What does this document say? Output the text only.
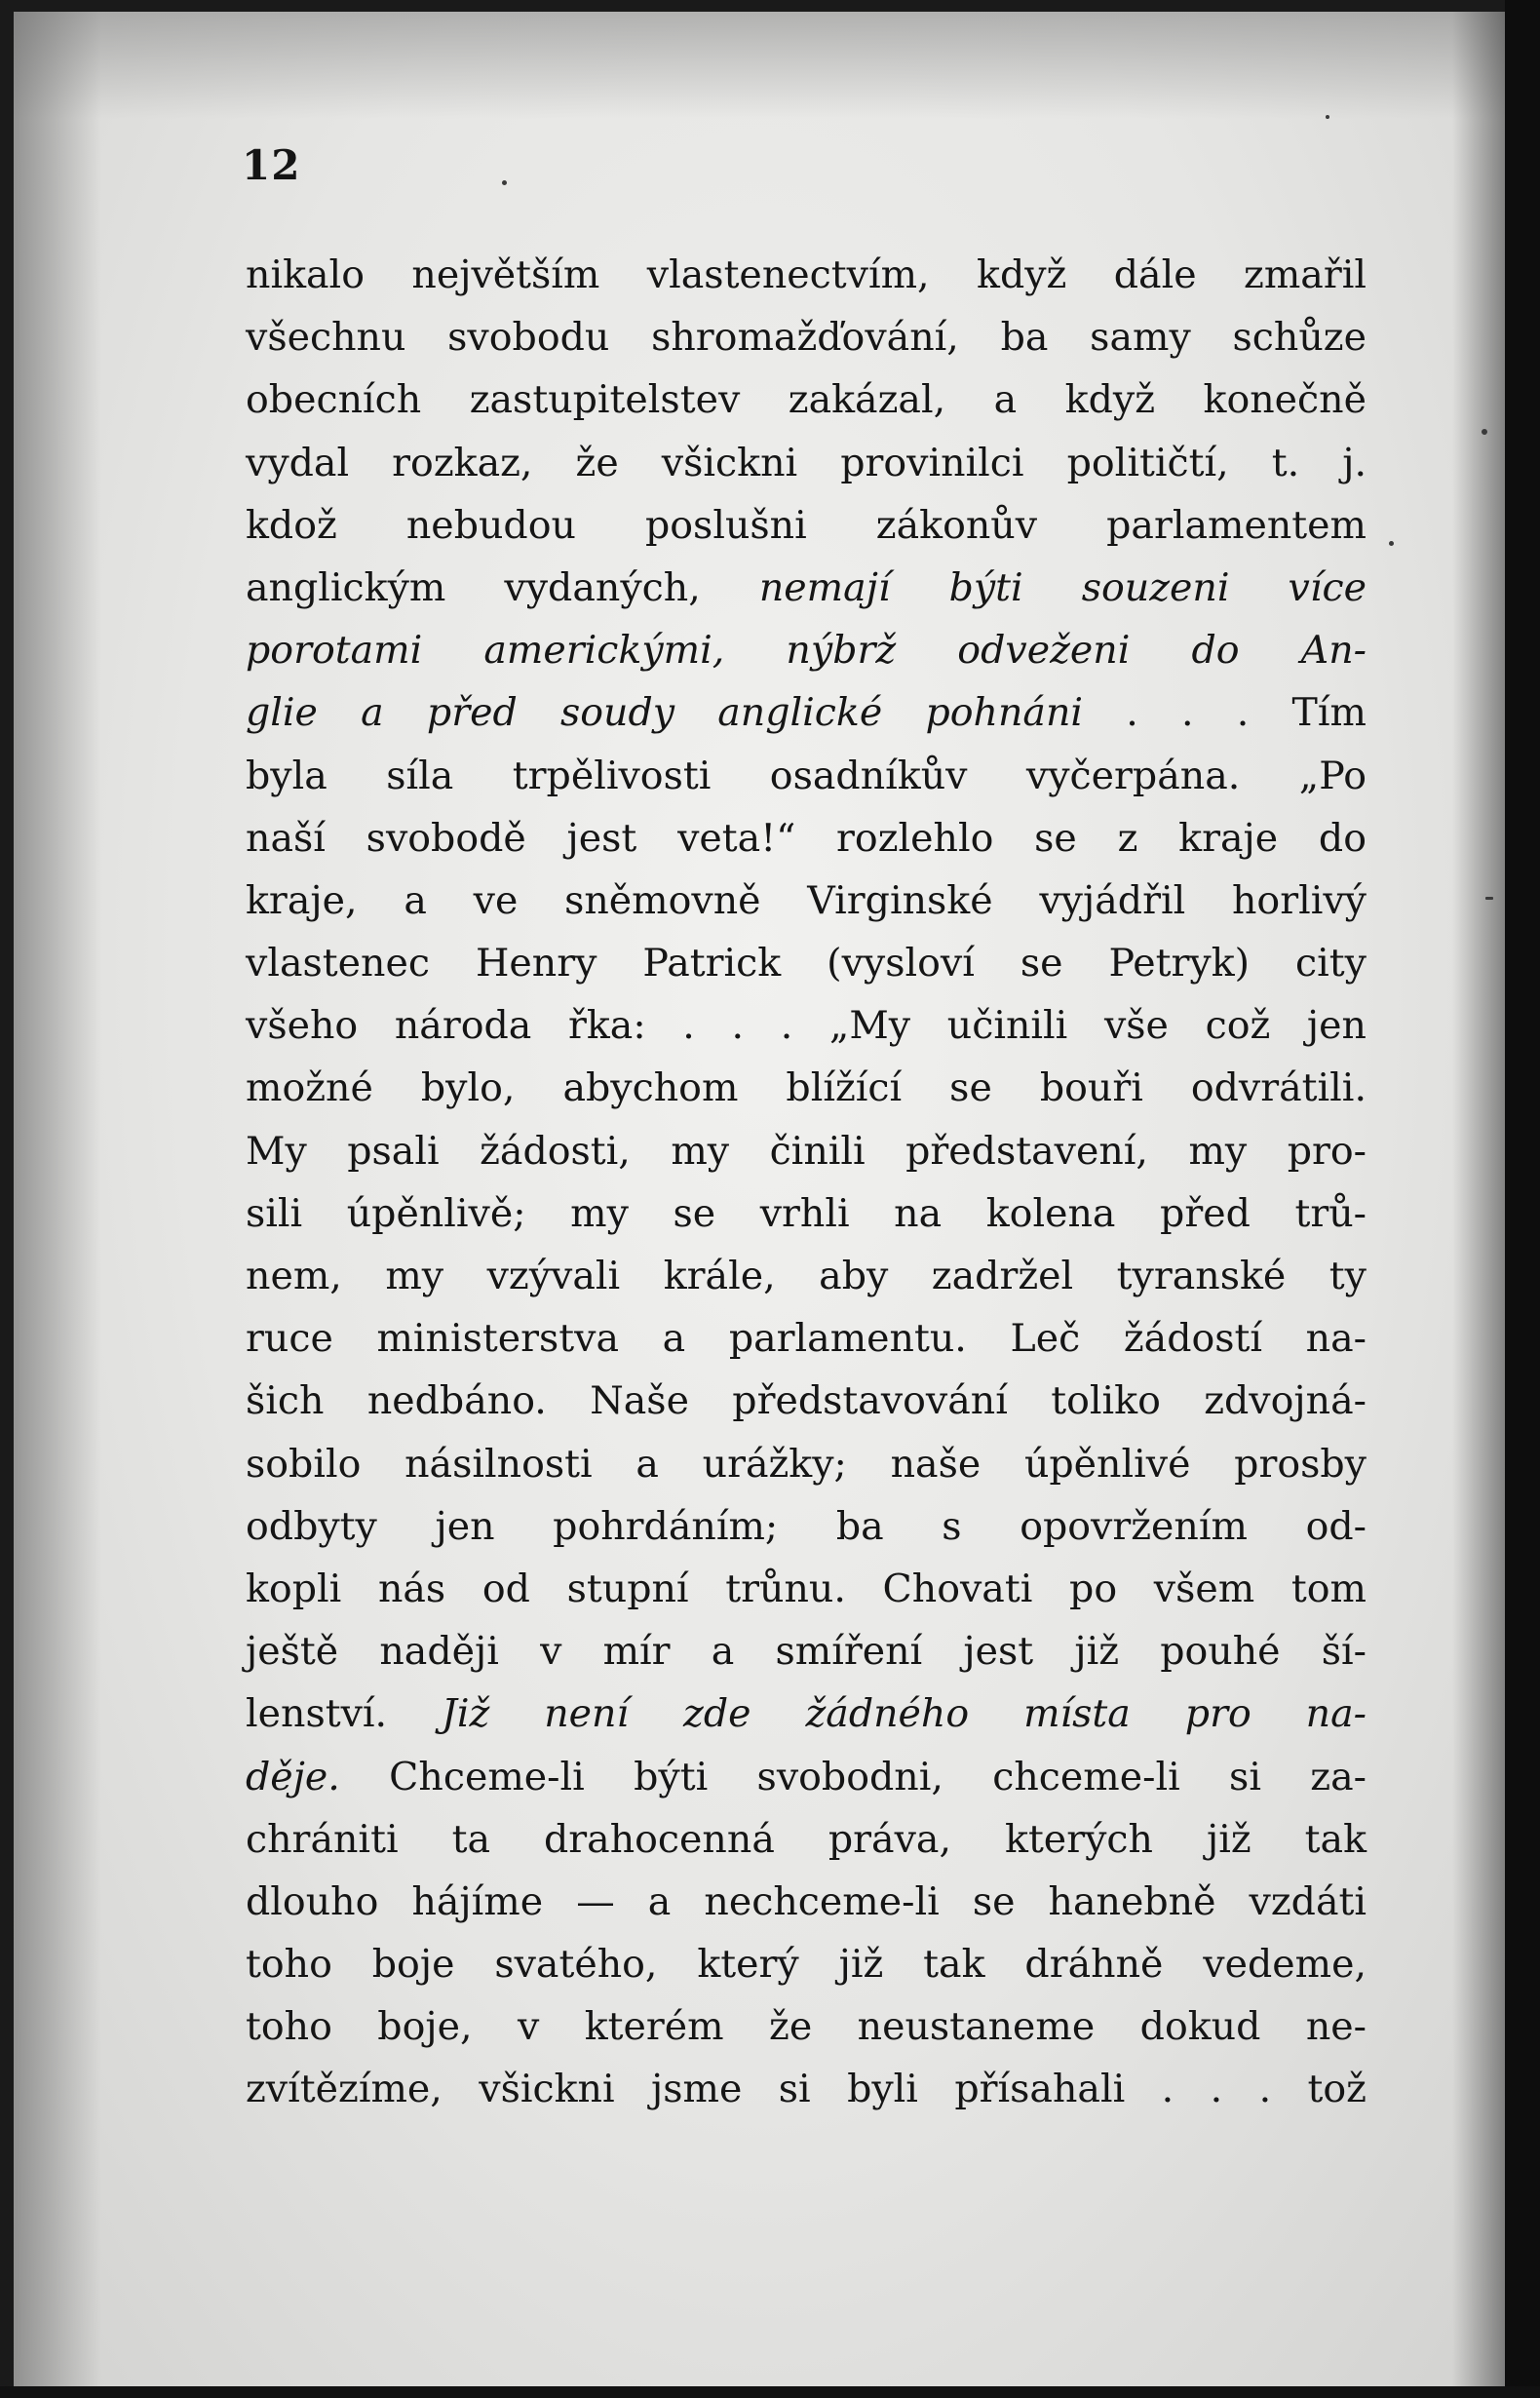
12
nikalo největším vlastenectvím, když dále zmařil
všechnu svobodu shromažďování, ba samy schůze
obecních zastupitelstev zakázal, a když konečně
vydal rozkaz, že všickni provinilci političtí, t. j.
kdož nebudou poslušni zákonův parlamentem
anglickým vydaných, nemají býti souzeni více
porotami americkými, nýbrž odveženi do An-
glie a před soudy anglické pohnáni . . . Tím
byla síla trpělivosti osadníkův vyčerpána. „Po
naší svobodě jest veta!“ rozlehlo se z kraje do
kraje, a ve sněmovně Virginské vyjádřil horlivý
vlastenec Henry Patrick (vysloví se Petryk) city
všeho národa řka: . . . „My učinili vše což jen
možné bylo, abychom blížící se bouři odvrátili.
My psali žádosti, my činili představení, my pro-
sili úpěnlivě; my se vrhli na kolena před trů-
nem, my vzývali krále, aby zadržel tyranské ty
ruce ministerstva a parlamentu. Leč žádostí na-
šich nedbáno. Naše představování toliko zdvojná-
sobilo násilnosti a urážky; naše úpěnlivé prosby
odbyty jen pohrdáním; ba s opovržením od-
kopli nás od stupní trůnu. Chovati po všem tom
ještě naději v mír a smíření jest již pouhé ší-
lenství. Již není zde žádného místa pro na-
děje. Chceme-li býti svobodni, chceme-li si za-
chrániti ta drahocenná práva, kterých již tak
dlouho hájíme — a nechceme-li se hanebně vzdáti
toho boje svatého, který již tak dráhně vedeme,
toho boje, v kterém že neustaneme dokud ne-
zvítězíme, všickni jsme si byli přísahali . . . tož
